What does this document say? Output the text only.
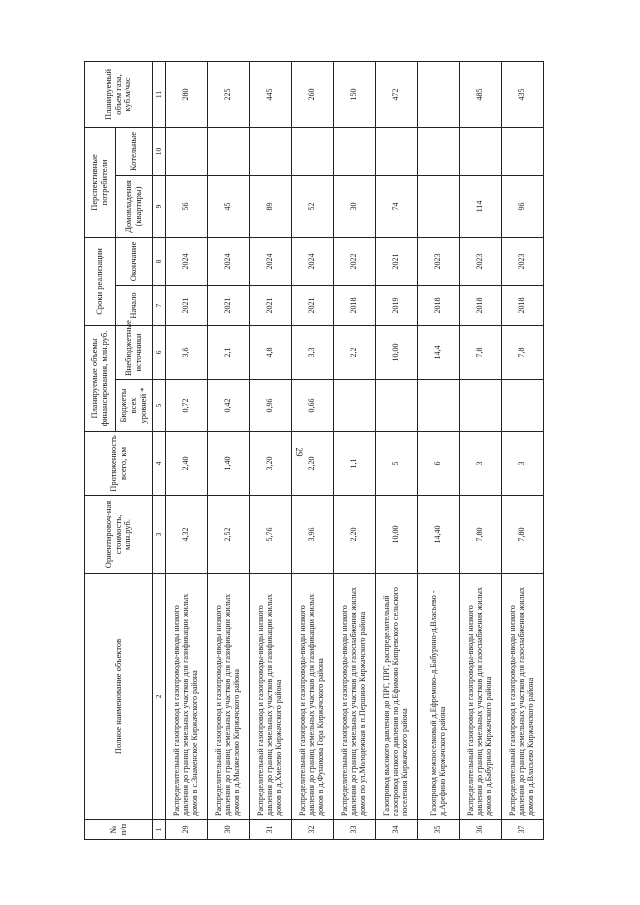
29
№ п/п	Полное наименование объектов	Ориентировоч-ная стоимость, млн.руб.	Протяженность всего, км	Планируемые объемы финансирования, млн.руб.		Сроки реализации		Перспективные потребители		Планируемый объем газа, куб.м/час
				Бюджеты всех уровней *	Внебюджетные источники	Начало	Окончание	Домовладения (квартиры)	Котельные	
1	2	3	4	5	6	7	8	9	10	11
29	Распределительный газопровод и газопроводы-вводы низкого давления до границ земельных участков для газификации жилых домов в с.Знаменское Киржачского района	4,32	2,40	0,72	3,6	2021	2024	56		280
30	Распределительный газопровод и газопроводы-вводы низкого давления до границ земельных участков для газификации жилых домов в д.Мызжелово Киржачского района	2,52	1,40	0,42	2,1	2021	2024	45		225
31	Распределительный газопровод и газопроводы-вводы низкого давления до границ земельных участков для газификации жилых домов в д.Хмелево Киржачского района	5,76	3,20	0,96	4,8	2021	2024	89		445
32	Распределительный газопровод и газопроводы-вводы низкого давления до границ земельных участков для газификации жилых домов в д.Фуникова Гора Киржачского района	3,96	2,20	0,66	3,3	2021	2024	52		260
33	Распределительный газопровод и газопроводы-вводы низкого давления до границ земельных участков для газоснабжения жилых домов по ул.Молодежная в п.Першино Киржачского района	2,20	1,1		2,2	2018	2022	30		150
34	Газопровод высокого давления до ПРГ, ПРГ, распределительный газопровод низкого давления по д.Ефимово Кипревского сельского поселения Киржачского района	10,00	5		10,00	2019	2021	74		472
35	Газопровод межпоселковый д.Ефремово–д.Бабурино-д.Власьево - д.Арефино Киржачского района	14,40	6		14,4	2018	2023			
36	Распределительный газопровод и газопроводы-вводы низкого давления до границ земельных участков для газоснабжения жилых домов в д.Бабурино Киржачского района	7,80	3		7,8	2018	2023	114		485
37	Распределительный газопровод и газопроводы-вводы низкого давления до границ земельных участков для газоснабжения жилых домов в д.Власьево Киржачского района	7,80	3		7,8	2018	2023	96		435
